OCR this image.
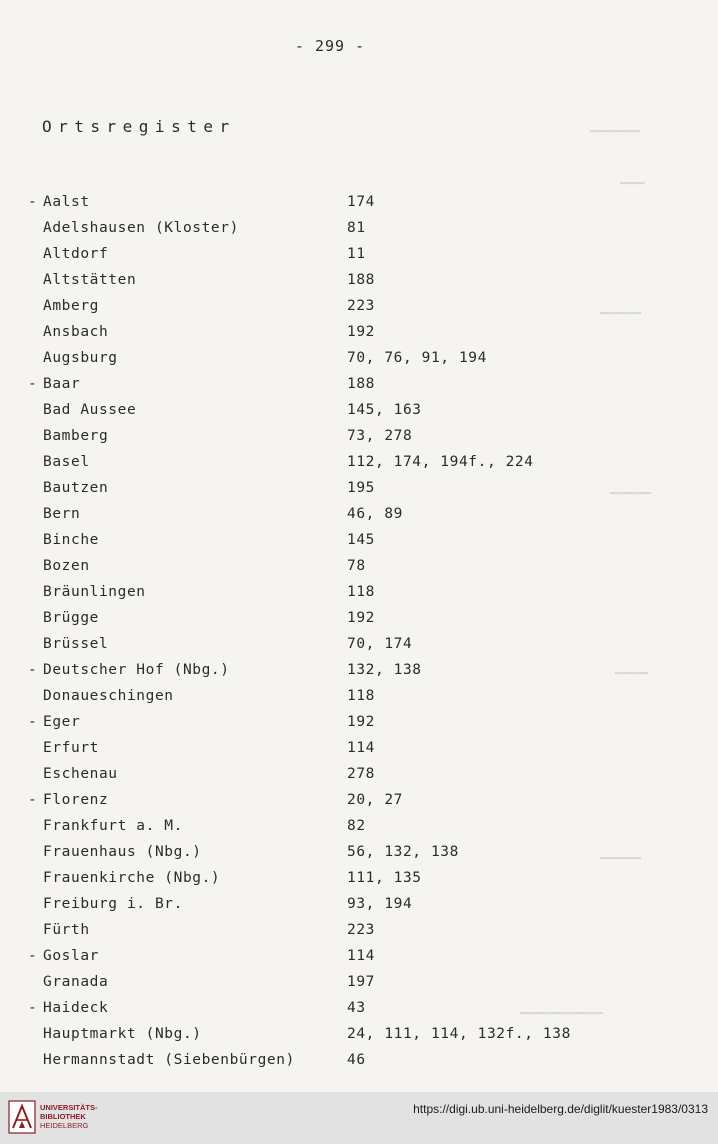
▁▁▁▁▁▁
▁▁▁
▁▁▁▁▁
▁▁▁▁▁
▁▁▁▁
▁▁▁▁▁
▁▁▁▁▁▁▁▁▁▁
- 299 -
Ortsregister
- Aalst	174
Adelshausen (Kloster)	81
Altdorf	11
Altstätten	188
Amberg	223
Ansbach	192
Augsburg	70, 76, 91, 194
- Baar	188
Bad Aussee	145, 163
Bamberg	73, 278
Basel	112, 174, 194f., 224
Bautzen	195
Bern	46, 89
Binche	145
Bozen	78
Bräunlingen	118
Brügge	192
Brüssel	70, 174
- Deutscher Hof (Nbg.)	132, 138
Donaueschingen	118
- Eger	192
Erfurt	114
Eschenau	278
- Florenz	20, 27
Frankfurt a. M.	82
Frauenhaus (Nbg.)	56, 132, 138
Frauenkirche (Nbg.)	111, 135
Freiburg i. Br.	93, 194
Fürth	223
- Goslar	114
Granada	197
- Haideck	43
Hauptmarkt (Nbg.)	24, 111, 114, 132f., 138
Hermannstadt (Siebenbürgen)	46
UNIVERSITÄTS-
BIBLIOTHEK
HEIDELBERG
https://digi.ub.uni-heidelberg.de/diglit/kuester1983/0313
